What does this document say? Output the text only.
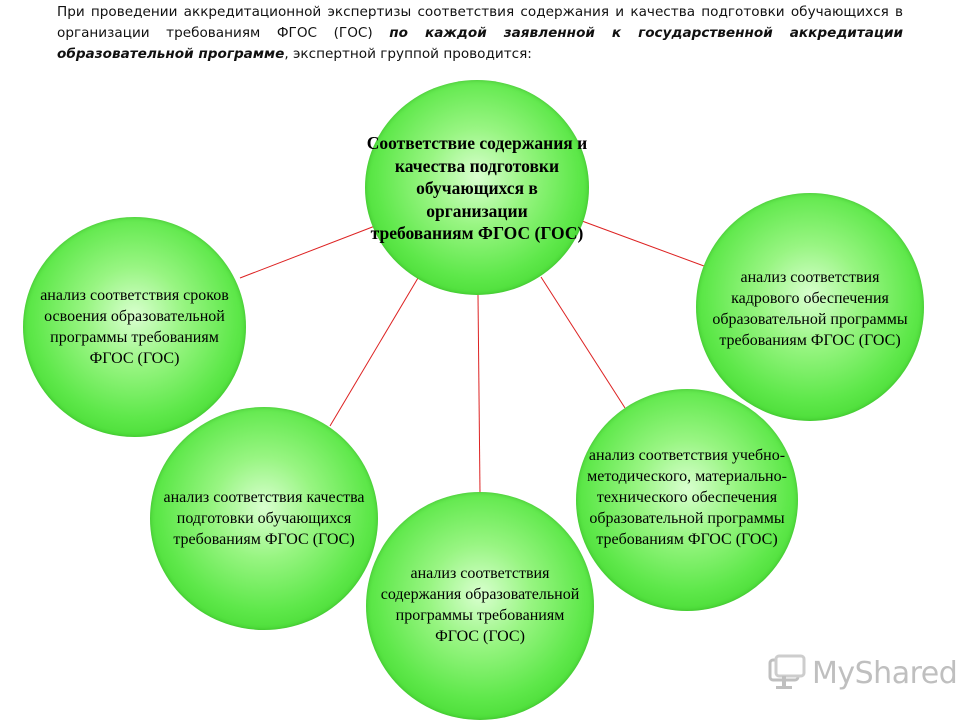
При проведении аккредитационной экспертизы соответствия содержания и качества подготовки обучающихся в организации требованиям ФГОС (ГОС) по каждой заявленной к государственной аккредитации образовательной программе, экспертной группой проводится:

Соответствие содержания и
качества подготовки
обучающихся в организации
требованиям ФГОС (ГОС)
анализ соответствия сроков
освоения образовательной
программы требованиям
ФГОС (ГОС)
анализ соответствия качества
подготовки обучающихся
требованиям ФГОС (ГОС)
анализ соответствия
содержания образовательной
программы требованиям
ФГОС (ГОС)
анализ соответствия учебно-
методического, материально-
технического обеспечения
образовательной программы
требованиям ФГОС (ГОС)
анализ соответствия
кадрового обеспечения
образовательной программы
требованиям ФГОС (ГОС)
MyShared
